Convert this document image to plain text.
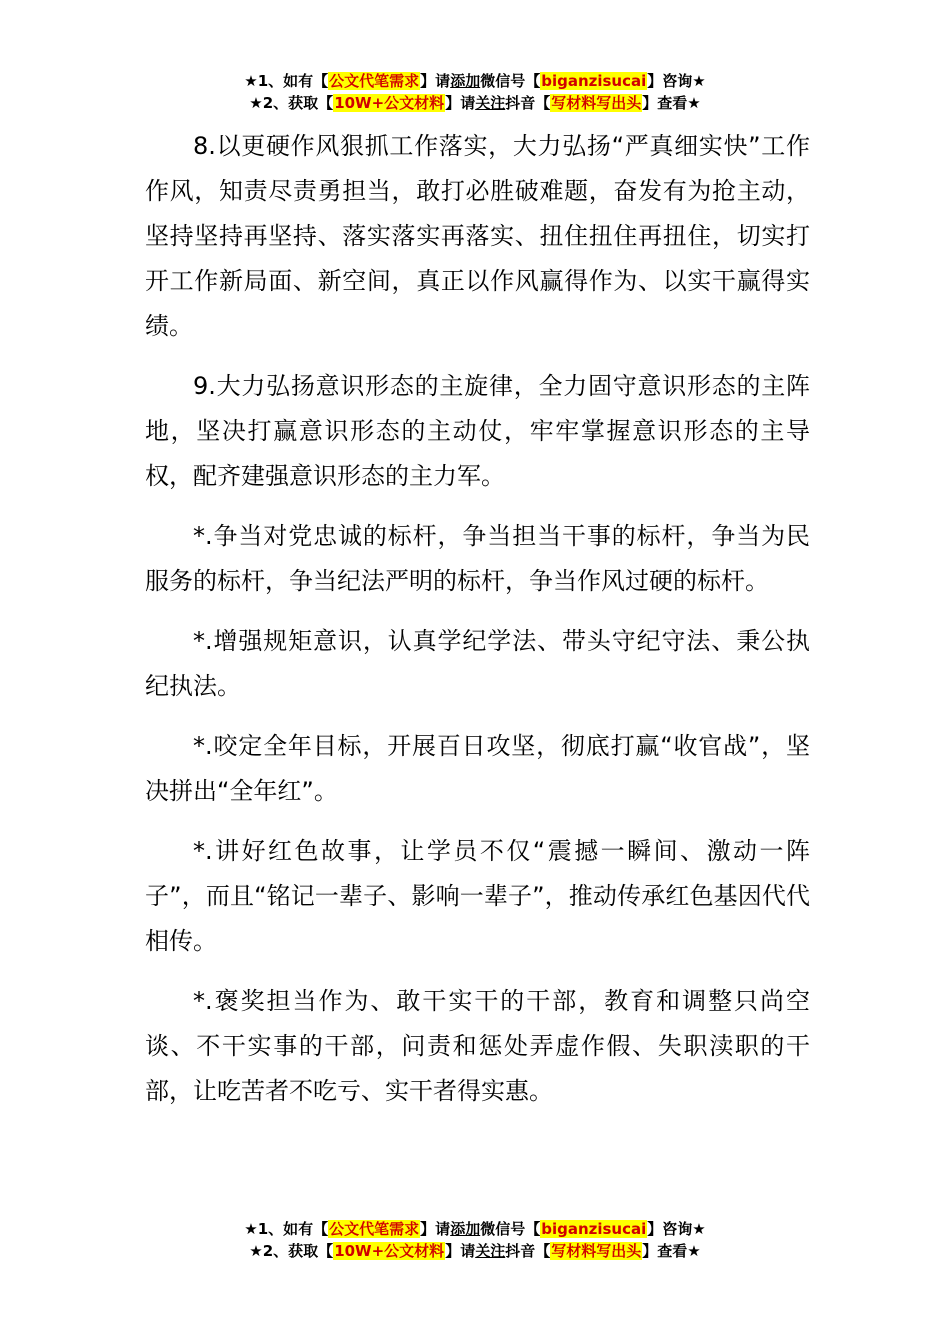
★1、如有【公文代笔需求】请添加微信号【biganzisucai】咨询★
★2、获取【10W+公文材料】请关注抖音【写材料写出头】查看★

8.以更硬作风狠抓工作落实，大力弘扬“严真细实快”工作作风，知责尽责勇担当，敢打必胜破难题，奋发有为抢主动，坚持坚持再坚持、落实落实再落实、扭住扭住再扭住，切实打开工作新局面、新空间，真正以作风赢得作为、以实干赢得实绩。

9.大力弘扬意识形态的主旋律，全力固守意识形态的主阵地，坚决打赢意识形态的主动仗，牢牢掌握意识形态的主导权，配齐建强意识形态的主力军。

*.争当对党忠诚的标杆，争当担当干事的标杆，争当为民服务的标杆，争当纪法严明的标杆，争当作风过硬的标杆。

*.增强规矩意识，认真学纪学法、带头守纪守法、秉公执纪执法。

*.咬定全年目标，开展百日攻坚，彻底打赢“收官战”，坚决拼出“全年红”。

*.讲好红色故事，让学员不仅“震撼一瞬间、激动一阵子”，而且“铭记一辈子、影响一辈子”，推动传承红色基因代代相传。

*.褒奖担当作为、敢干实干的干部，教育和调整只尚空谈、不干实事的干部，问责和惩处弄虚作假、失职渎职的干部，让吃苦者不吃亏、实干者得实惠。

★1、如有【公文代笔需求】请添加微信号【biganzisucai】咨询★
★2、获取【10W+公文材料】请关注抖音【写材料写出头】查看★
